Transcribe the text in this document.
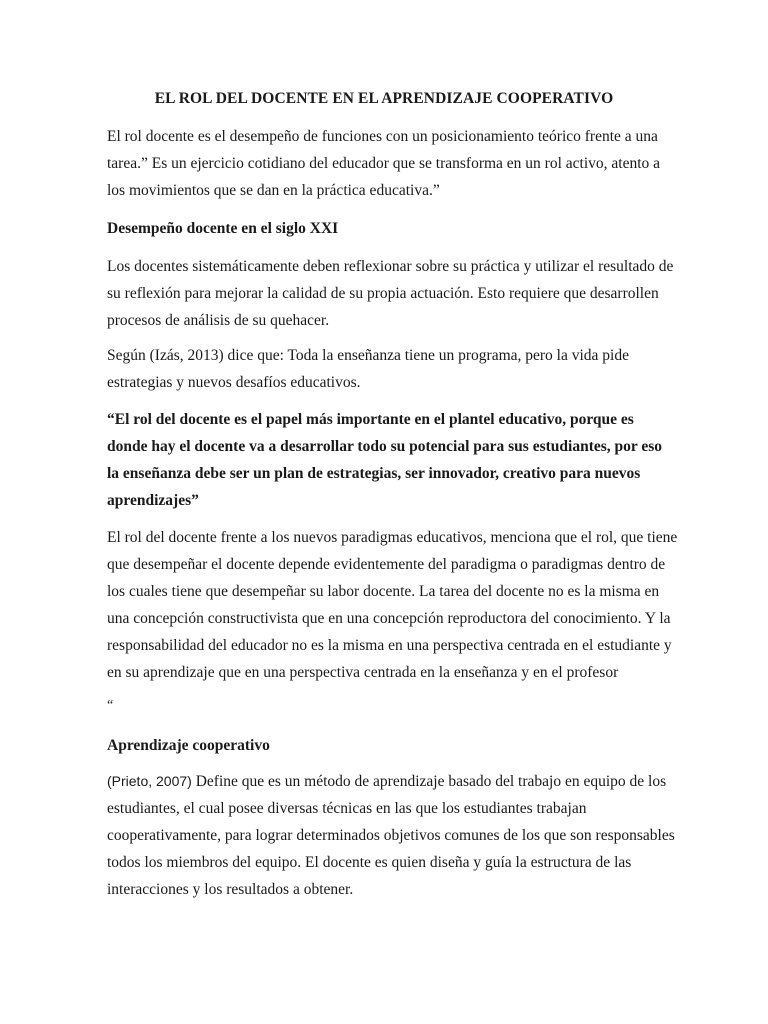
EL ROL DEL DOCENTE EN EL APRENDIZAJE COOPERATIVO
El rol docente es el desempeño de funciones con un posicionamiento teórico frente a una
tarea.” Es un ejercicio cotidiano del educador que se transforma en un rol activo, atento a
los movimientos que se dan en la práctica educativa.”
Desempeño docente en el siglo XXI
Los docentes sistemáticamente deben reflexionar sobre su práctica y utilizar el resultado de
su reflexión para mejorar la calidad de su propia actuación. Esto requiere que desarrollen
procesos de análisis de su quehacer.
Según (Izás, 2013) dice que: Toda la enseñanza tiene un programa, pero la vida pide
estrategias y nuevos desafíos educativos.
“El rol del docente es el papel más importante en el plantel educativo, porque es
donde hay el docente va a desarrollar todo su potencial para sus estudiantes, por eso
la enseñanza debe ser un plan de estrategias, ser innovador, creativo para nuevos
aprendizajes”
El rol del docente frente a los nuevos paradigmas educativos, menciona que el rol, que tiene
que desempeñar el docente depende evidentemente del paradigma o paradigmas dentro de
los cuales tiene que desempeñar su labor docente. La tarea del docente no es la misma en
una concepción constructivista que en una concepción reproductora del conocimiento. Y la
responsabilidad del educador no es la misma en una perspectiva centrada en el estudiante y
en su aprendizaje que en una perspectiva centrada en la enseñanza y en el profesor
“
Aprendizaje cooperativo
(Prieto, 2007) Define que es un método de aprendizaje basado del trabajo en equipo de los
estudiantes, el cual posee diversas técnicas en las que los estudiantes trabajan
cooperativamente, para lograr determinados objetivos comunes de los que son responsables
todos los miembros del equipo. El docente es quien diseña y guía la estructura de las
interacciones y los resultados a obtener.
